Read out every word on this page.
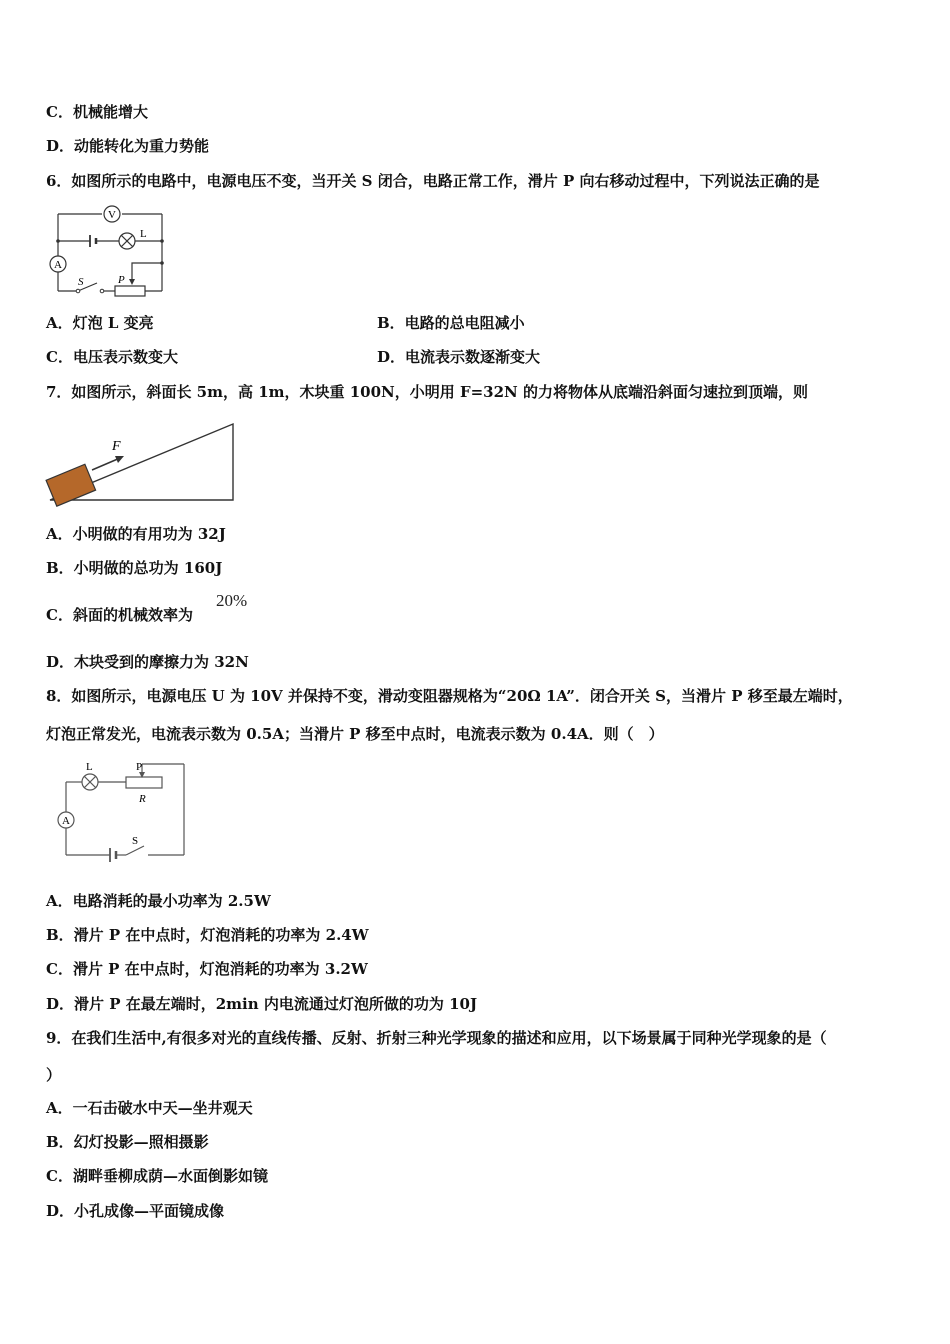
C．机械能增大
D．动能转化为重力势能
6．如图所示的电路中，电源电压不变，当开关 S 闭合，电路正常工作，滑片 P 向右移动过程中，下列说法正确的是
V
L
A
S	P
A．灯泡 L 变亮	B．电路的总电阻减小
C．电压表示数变大	D．电流表示数逐渐变大
7．如图所示，斜面长 5m，高 1m，木块重 100N，小明用 F=32N 的力将物体从底端沿斜面匀速拉到顶端，则
F
A．小明做的有用功为 32J
B．小明做的总功为 160J
C．斜面的机械效率为
20%
D．木块受到的摩擦力为 32N
8．如图所示，电源电压 U 为 10V 并保持不变，滑动变阻器规格为“20Ω 1A”．闭合开关 S，当滑片 P 移至最左端时，
灯泡正常发光，电流表示数为 0.5A；当滑片 P 移至中点时，电流表示数为 0.4A．则（　）
L	P
R
A
S
A．电路消耗的最小功率为 2.5W
B．滑片 P 在中点时，灯泡消耗的功率为 2.4W
C．滑片 P 在中点时，灯泡消耗的功率为 3.2W
D．滑片 P 在最左端时，2min 内电流通过灯泡所做的功为 10J
9．在我们生活中,有很多对光的直线传播、反射、折射三种光学现象的描述和应用，以下场景属于同种光学现象的是（
）
A．一石击破水中天—坐井观天
B．幻灯投影—照相摄影
C．湖畔垂柳成荫—水面倒影如镜
D．小孔成像—平面镜成像
